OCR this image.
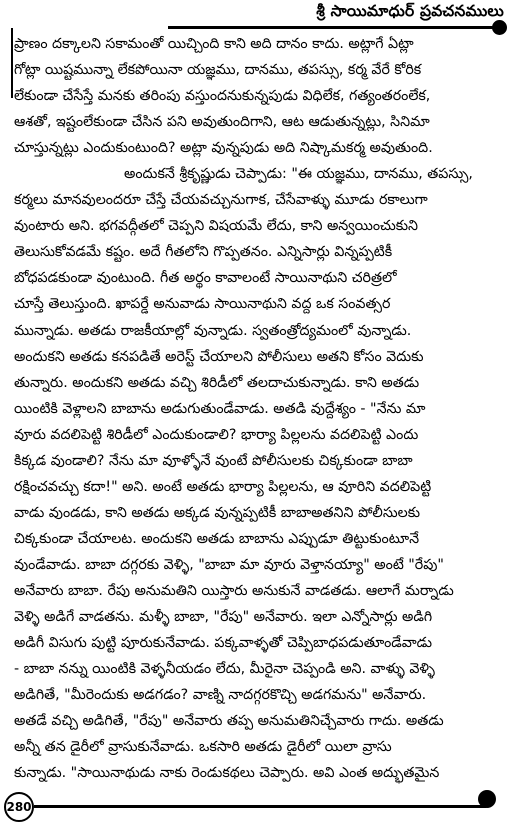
శ్రీ సాయిమాధుర్ ప్రవచనములు
ప్రాణం దక్కాలని సకామంతో యిచ్చింది కాని అది దానం కాదు. అట్లాగే ఏట్లా
గోట్లా యిష్టమున్నా లేకపోయినా యజ్ఞము, దానము, తపస్సు, కర్మ వేరే కోరిక
లేకుండా చేసేస్తే మనకు తరింపు వస్తుందనుకున్నపుడు విధిలేక, గత్యంతరంలేక,
ఆశతో, ఇష్టంలేకుండా చేసిన పని అవుతుందిగాని, ఆట ఆడుతున్నట్లు, సినిమా
చూస్తున్నట్లు ఎందుకుంటుంది? అట్లా వున్నపుడు అది నిష్కామకర్మ అవుతుంది.
అందుకనే శ్రీకృష్ణుడు చెప్పాడు: "ఈ యజ్ఞము, దానము, తపస్సు,
కర్మలు మానవులందరూ చేస్తే చేయవచ్చునుగాక, చేసేవాళ్ళు మూడు రకాలుగా
వుంటారు అని. భగవద్గీతలో చెప్పని విషయమే లేదు, కాని అన్వయించుకుని
తెలుసుకోవడమే కష్టం. అదే గీతలోని గొప్పతనం. ఎన్నిసార్లు విన్నప్పటికీ
బోధపడకుండా వుంటుంది. గీత అర్థం కావాలంటే సాయినాథుని చరిత్రలో
చూస్తే తెలుస్తుంది. ఖాపర్డే అనువాడు సాయినాథుని వద్ద ఒక సంవత్సర
మున్నాడు. అతడు రాజకీయాల్లో వున్నాడు. స్వతంత్రోద్యమంలో వున్నాడు.
అందుకని అతడు కనపడితే అరెస్ట్ చేయాలని పోలీసులు అతని కోసం వెదుకు
తున్నారు. అందుకని అతడు వచ్చి శిరిడీలో తలదాచుకున్నాడు. కాని అతడు
యింటికి వెళ్లాలని బాబాను అడుగుతుండేవాడు. అతడి వుద్దేశ్యం - "నేను మా
వూరు వదలిపెట్టి శిరిడీలో ఎందుకుండాలి? భార్యా పిల్లలను వదలిపెట్టి ఎందు
కిక్కడ వుండాలి? నేను మా వూళ్ళోనే వుంటే పోలీసులకు చిక్కకుండా బాబా
రక్షించవచ్చు కదా!" అని. అంటే అతడు భార్యా పిల్లలను, ఆ వూరిని వదలిపెట్టి
వాడు వుండడు, కాని అతడు అక్కడ వున్నప్పటికీ బాబాఅతనిని పోలీసులకు
చిక్కకుండా చేయాలట. అందుకని అతడు బాబాను ఎప్పుడూ తిట్టుకుంటూనే
వుండేవాడు. బాబా దగ్గరకు వెళ్ళి, "బాబా మా వూరు వెళ్తానయ్యా" అంటే "రేపు"
అనేవారు బాబా. రేపు అనుమతిని యిస్తారు అనుకునే వాడతడు. ఆలాగే మర్నాడు
వెళ్ళి అడిగే వాడతను. మళ్ళీ బాబా, "రేపు" అనేవారు. ఇలా ఎన్నోసార్లు అడిగి
అడిగీ విసుగు పుట్టి పూరుకునేవాడు. పక్కవాళ్ళతో చెప్పిబాధపడుతూండేవాడు
- బాబా నన్ను యింటికి వెళ్ళనీయడం లేదు, మీరైనా చెప్పండి అని. వాళ్ళు వెళ్ళి
అడిగితే, "మీరెందుకు అడగడం? వాణ్ని నాదగ్గరకొచ్చి అడగమను" అనేవారు.
అతడే వచ్చి అడిగితే, "రేపు" అనేవారు తప్ప అనుమతినిచ్చేవారు గాదు. అతడు
అన్నీ తన డైరీలో వ్రాసుకునేవాడు. ఒకసారి అతడు డైరీలో యిలా వ్రాసు
కున్నాడు. "సాయినాథుడు నాకు రెండుకథలు చెప్పారు. అవి ఎంత అద్భుతమైన
280
